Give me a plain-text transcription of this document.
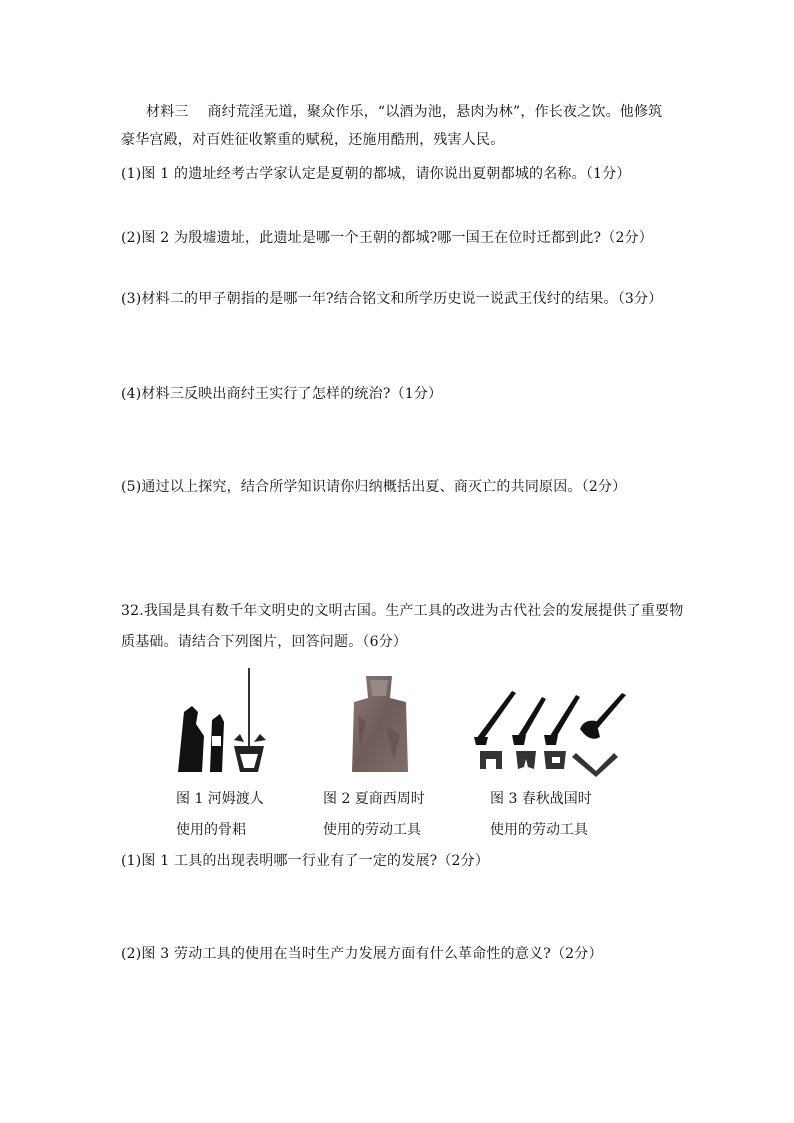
材料三　 商纣荒淫无道，聚众作乐，“以酒为池，悬肉为林”，作长夜之饮。他修筑
豪华宫殿，对百姓征收繁重的赋税，还施用酷刑，残害人民。
(1)图 1 的遗址经考古学家认定是夏朝的都城，请你说出夏朝都城的名称。（1分）
(2)图 2 为殷墟遗址，此遗址是哪一个王朝的都城?哪一国王在位时迁都到此?（2分）
(3)材料二的甲子朝指的是哪一年?结合铭文和所学历史说一说武王伐纣的结果。（3分）
(4)材料三反映出商纣王实行了怎样的统治?（1分）
(5)通过以上探究，结合所学知识请你归纳概括出夏、商灭亡的共同原因。（2分）
32.我国是具有数千年文明史的文明古国。生产工具的改进为古代社会的发展提供了重要物
质基础。请结合下列图片，回答问题。（6分）
图 1 河姆渡人
使用的骨耜
图 2 夏商西周时
使用的劳动工具
图 3 春秋战国时
使用的劳动工具
(1)图 1 工具的出现表明哪一行业有了一定的发展?（2分）
(2)图 3 劳动工具的使用在当时生产力发展方面有什么革命性的意义?（2分）
